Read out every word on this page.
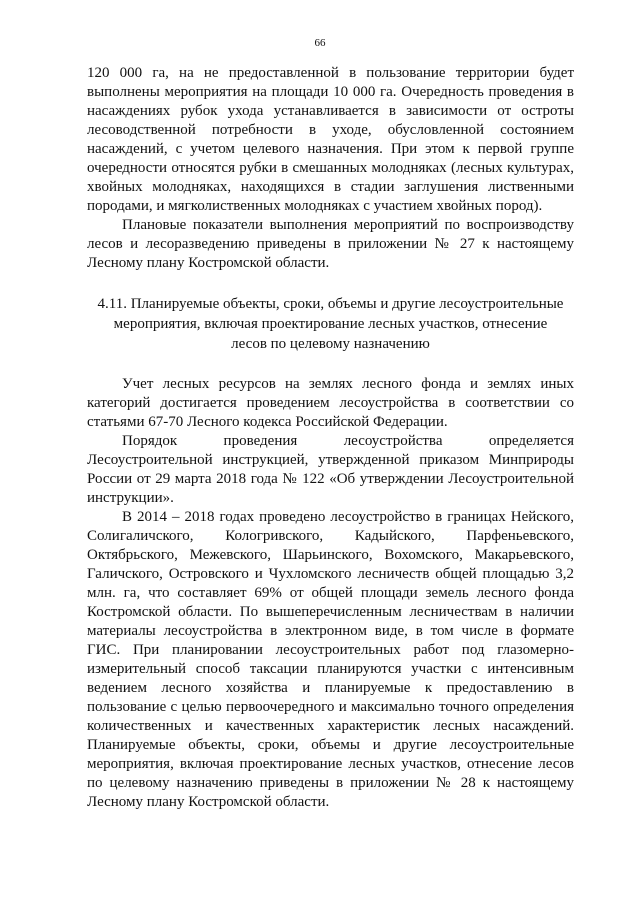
66

120 000 га, на не предоставленной в пользование территории будет выполнены мероприятия на площади 10 000 га. Очередность проведения в насаждениях рубок ухода устанавливается в зависимости от остроты лесоводственной потребности в уходе, обусловленной состоянием насаждений, с учетом целевого назначения. При этом к первой группе очередности относятся рубки в смешанных молодняках (лесных культурах, хвойных молодняках, находящихся в стадии заглушения лиственными породами, и мягколиственных молодняках с участием хвойных пород).

Плановые показатели выполнения мероприятий по воспроизводству лесов и лесоразведению приведены в приложении № 27 к настоящему Лесному плану Костромской области.

4.11. Планируемые объекты, сроки, объемы и другие лесоустроительные
мероприятия, включая проектирование лесных участков, отнесение
лесов по целевому назначению

Учет лесных ресурсов на землях лесного фонда и землях иных категорий достигается проведением лесоустройства в соответствии со статьями 67-70 Лесного кодекса Российской Федерации.

Порядок проведения лесоустройства определяется Лесоустроительной инструкцией, утвержденной приказом Минприроды России от 29 марта 2018 года № 122 «Об утверждении Лесоустроительной инструкции».

В 2014 – 2018 годах проведено лесоустройство в границах Нейского, Солигаличского, Кологривского, Кадыйского, Парфеньевского, Октябрьского, Межевского, Шарьинского, Вохомского, Макарьевского, Галичского, Островского и Чухломского лесничеств общей площадью 3,2 млн. га, что составляет 69% от общей площади земель лесного фонда Костромской области. По вышеперечисленным лесничествам в наличии материалы лесоустройства в электронном виде, в том числе в формате ГИС. При планировании лесоустроительных работ под глазомерно-измерительный способ таксации планируются участки с интенсивным ведением лесного хозяйства и планируемые к предоставлению в пользование с целью первоочередного и максимально точного определения количественных и качественных характеристик лесных насаждений. Планируемые объекты, сроки, объемы и другие лесоустроительные мероприятия, включая проектирование лесных участков, отнесение лесов по целевому назначению приведены в приложении № 28 к настоящему Лесному плану Костромской области.
